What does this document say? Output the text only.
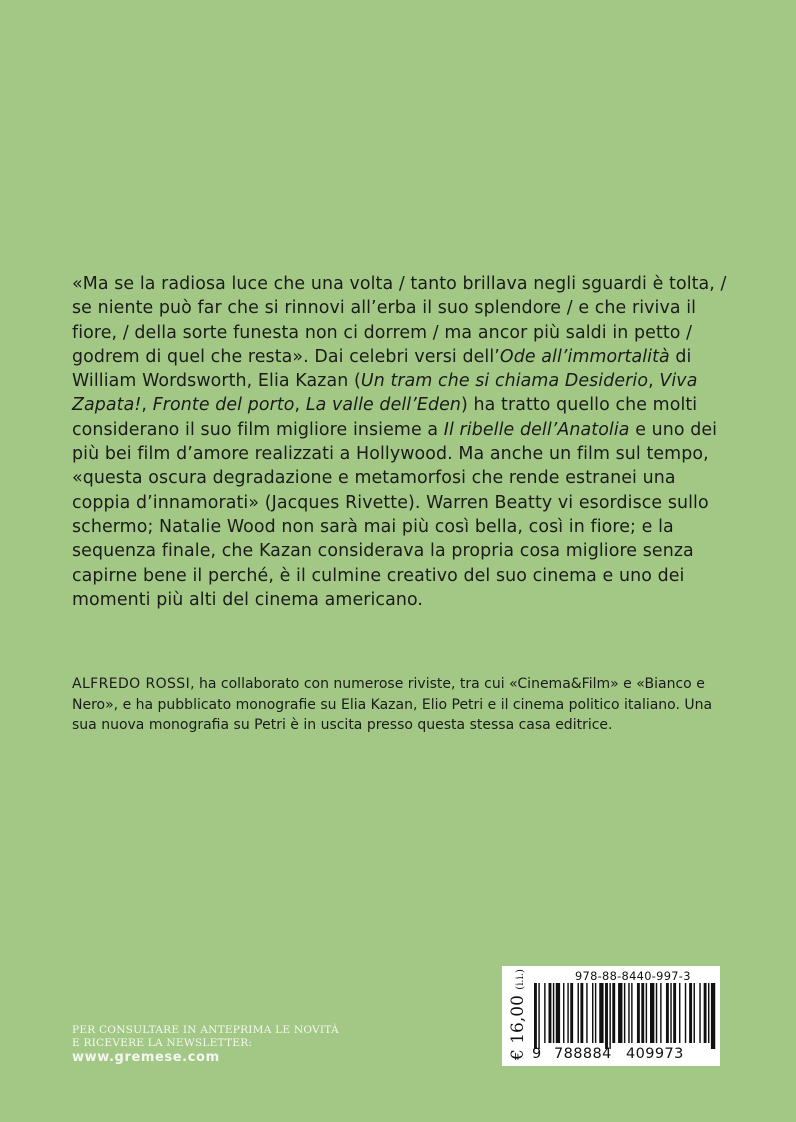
«Ma se la radiosa luce che una volta / tanto brillava negli sguardi è tolta, / se niente può far che si rinnovi all’erba il suo splendore / e che riviva il fiore, / della sorte funesta non ci dorrem / ma ancor più saldi in petto / godrem di quel che resta». Dai celebri versi dell’Ode all’immortalità di William Wordsworth, Elia Kazan (Un tram che si chiama Desiderio, Viva Zapata!, Fronte del porto, La valle dell’Eden) ha tratto quello che molti considerano il suo film migliore insieme a Il ribelle dell’Anatolia e uno dei più bei film d’amore realizzati a Hollywood. Ma anche un film sul tempo, «questa oscura degradazione e metamorfosi che rende estranei una coppia d’innamorati» (Jacques Rivette). Warren Beatty vi esordisce sullo schermo; Natalie Wood non sarà mai più così bella, così in fiore; e la sequenza finale, che Kazan considerava la propria cosa migliore senza capirne bene il perché, è il culmine creativo del suo cinema e uno dei momenti più alti del cinema americano.
ALFREDO ROSSI, ha collaborato con numerose riviste, tra cui «Cinema&Film» e «Bianco e Nero», e ha pubblicato monografie su Elia Kazan, Elio Petri e il cinema politico italiano. Una sua nuova monografia su Petri è in uscita presso questa stessa casa editrice.
PER CONSULTARE IN ANTEPRIMA LE NOVITÀ
E RICEVERE LA NEWSLETTER:
www.gremese.com
978-88-8440-997-3
€ 16,00 (i.i.)
9 788884 409973
